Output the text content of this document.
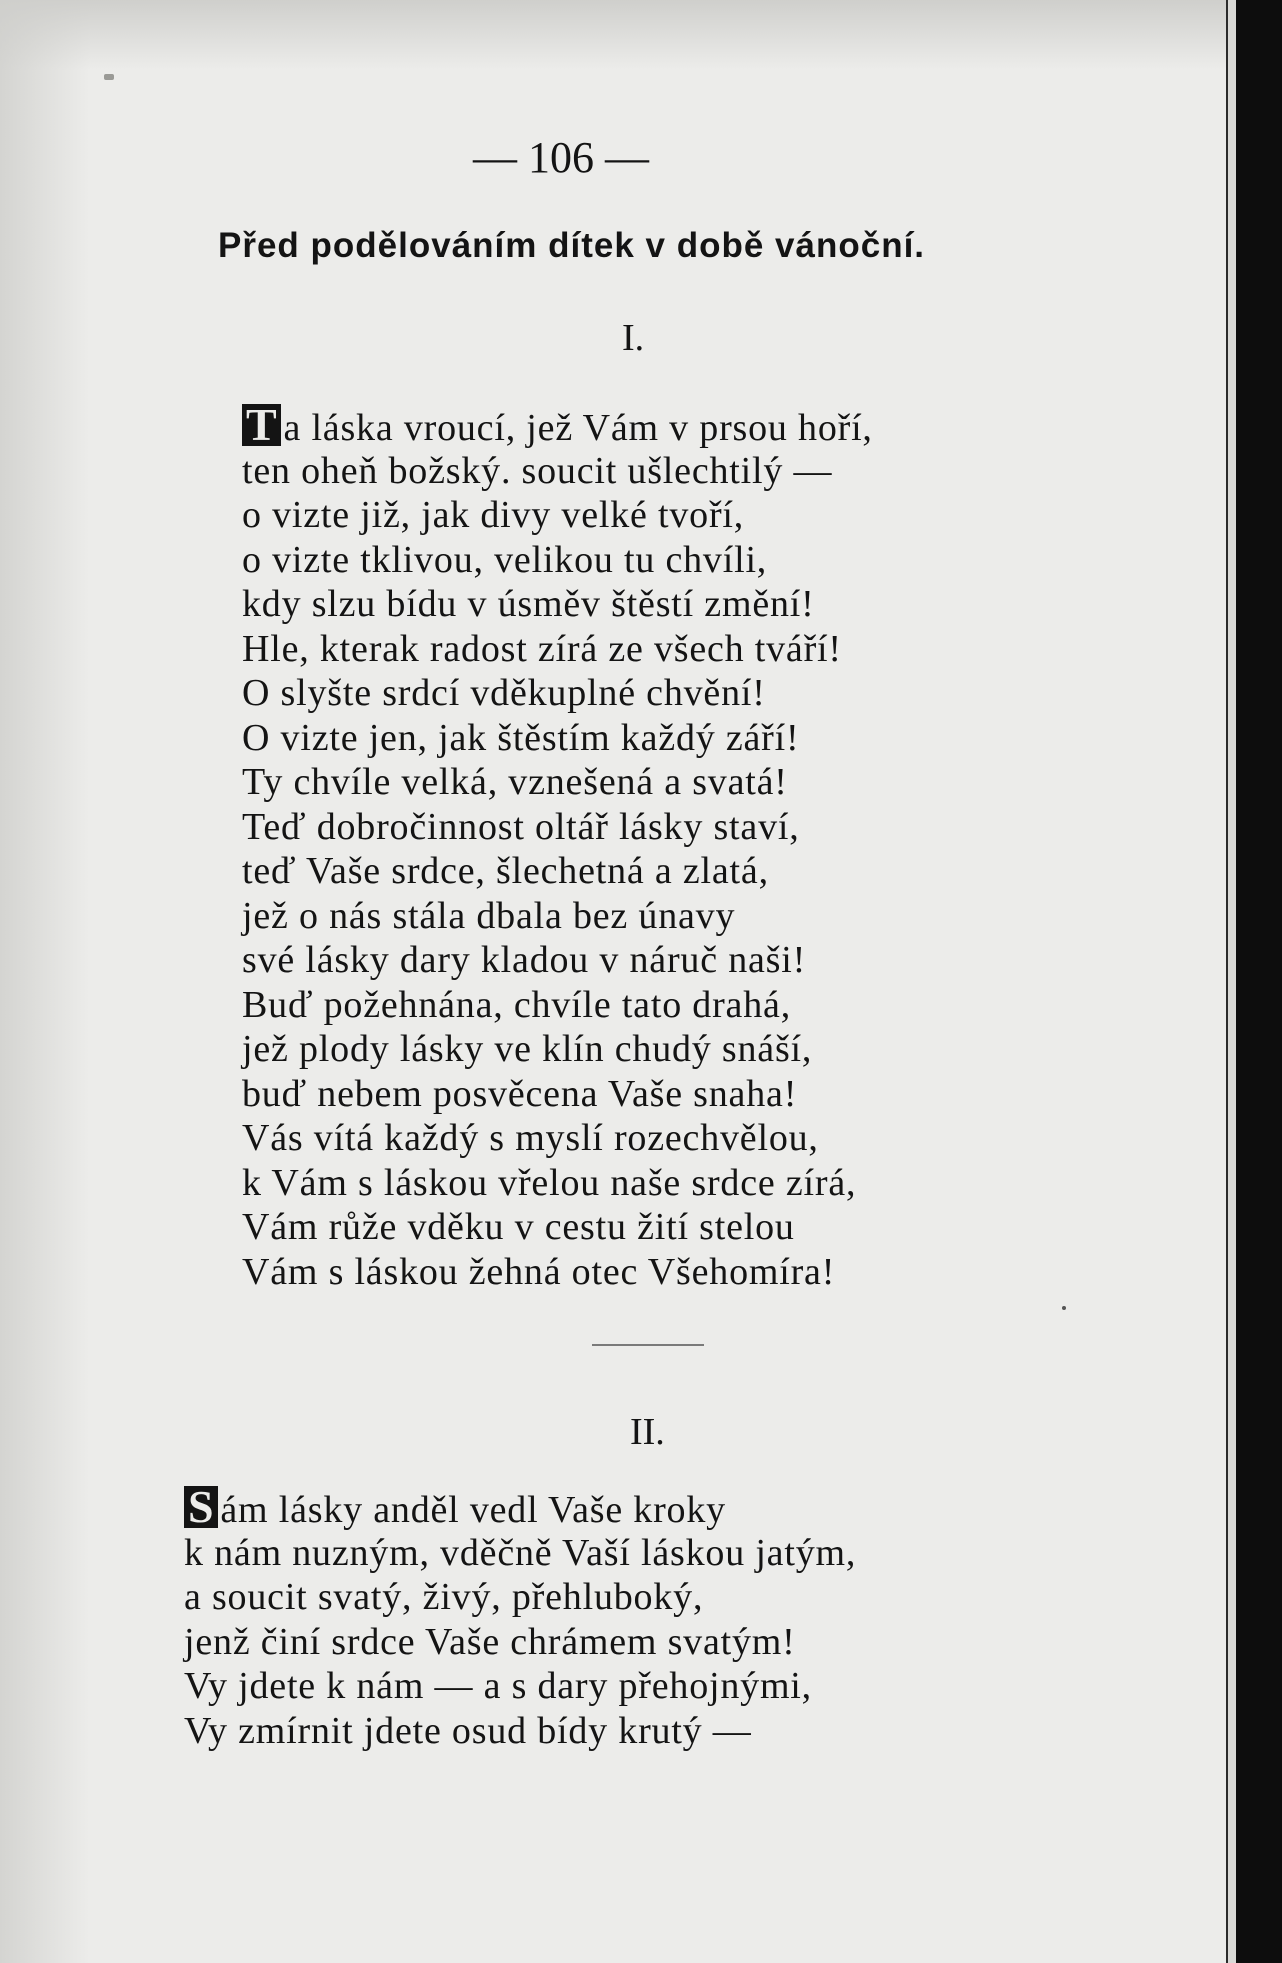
— 106 —
Před podělováním dítek v době vánoční.
I.
T a láska vroucí, jež Vám v prsou hoří,
ten oheň božský. soucit ušlechtilý —
o vizte již, jak divy velké tvoří,
o vizte tklivou, velikou tu chvíli,
kdy slzu bídu v úsměv štěstí změní!
Hle, kterak radost zírá ze všech tváří!
O slyšte srdcí vděkuplné chvění!
O vizte jen, jak štěstím každý září!
Ty chvíle velká, vznešená a svatá!
Teď dobročinnost oltář lásky staví,
teď Vaše srdce, šlechetná a zlatá,
jež o nás stála dbala bez únavy
své lásky dary kladou v náruč naši!
Buď požehnána, chvíle tato drahá,
jež plody lásky ve klín chudý snáší,
buď nebem posvěcena Vaše snaha!
Vás vítá každý s myslí rozechvělou,
k Vám s láskou vřelou naše srdce zírá,
Vám růže vděku v cestu žití stelou
Vám s láskou žehná otec Všehomíra!
II.
S ám lásky anděl vedl Vaše kroky
k nám nuzným, vděčně Vaší láskou jatým,
a soucit svatý, živý, přehluboký,
jenž činí srdce Vaše chrámem svatým!
Vy jdete k nám — a s dary přehojnými,
Vy zmírnit jdete osud bídy krutý —
